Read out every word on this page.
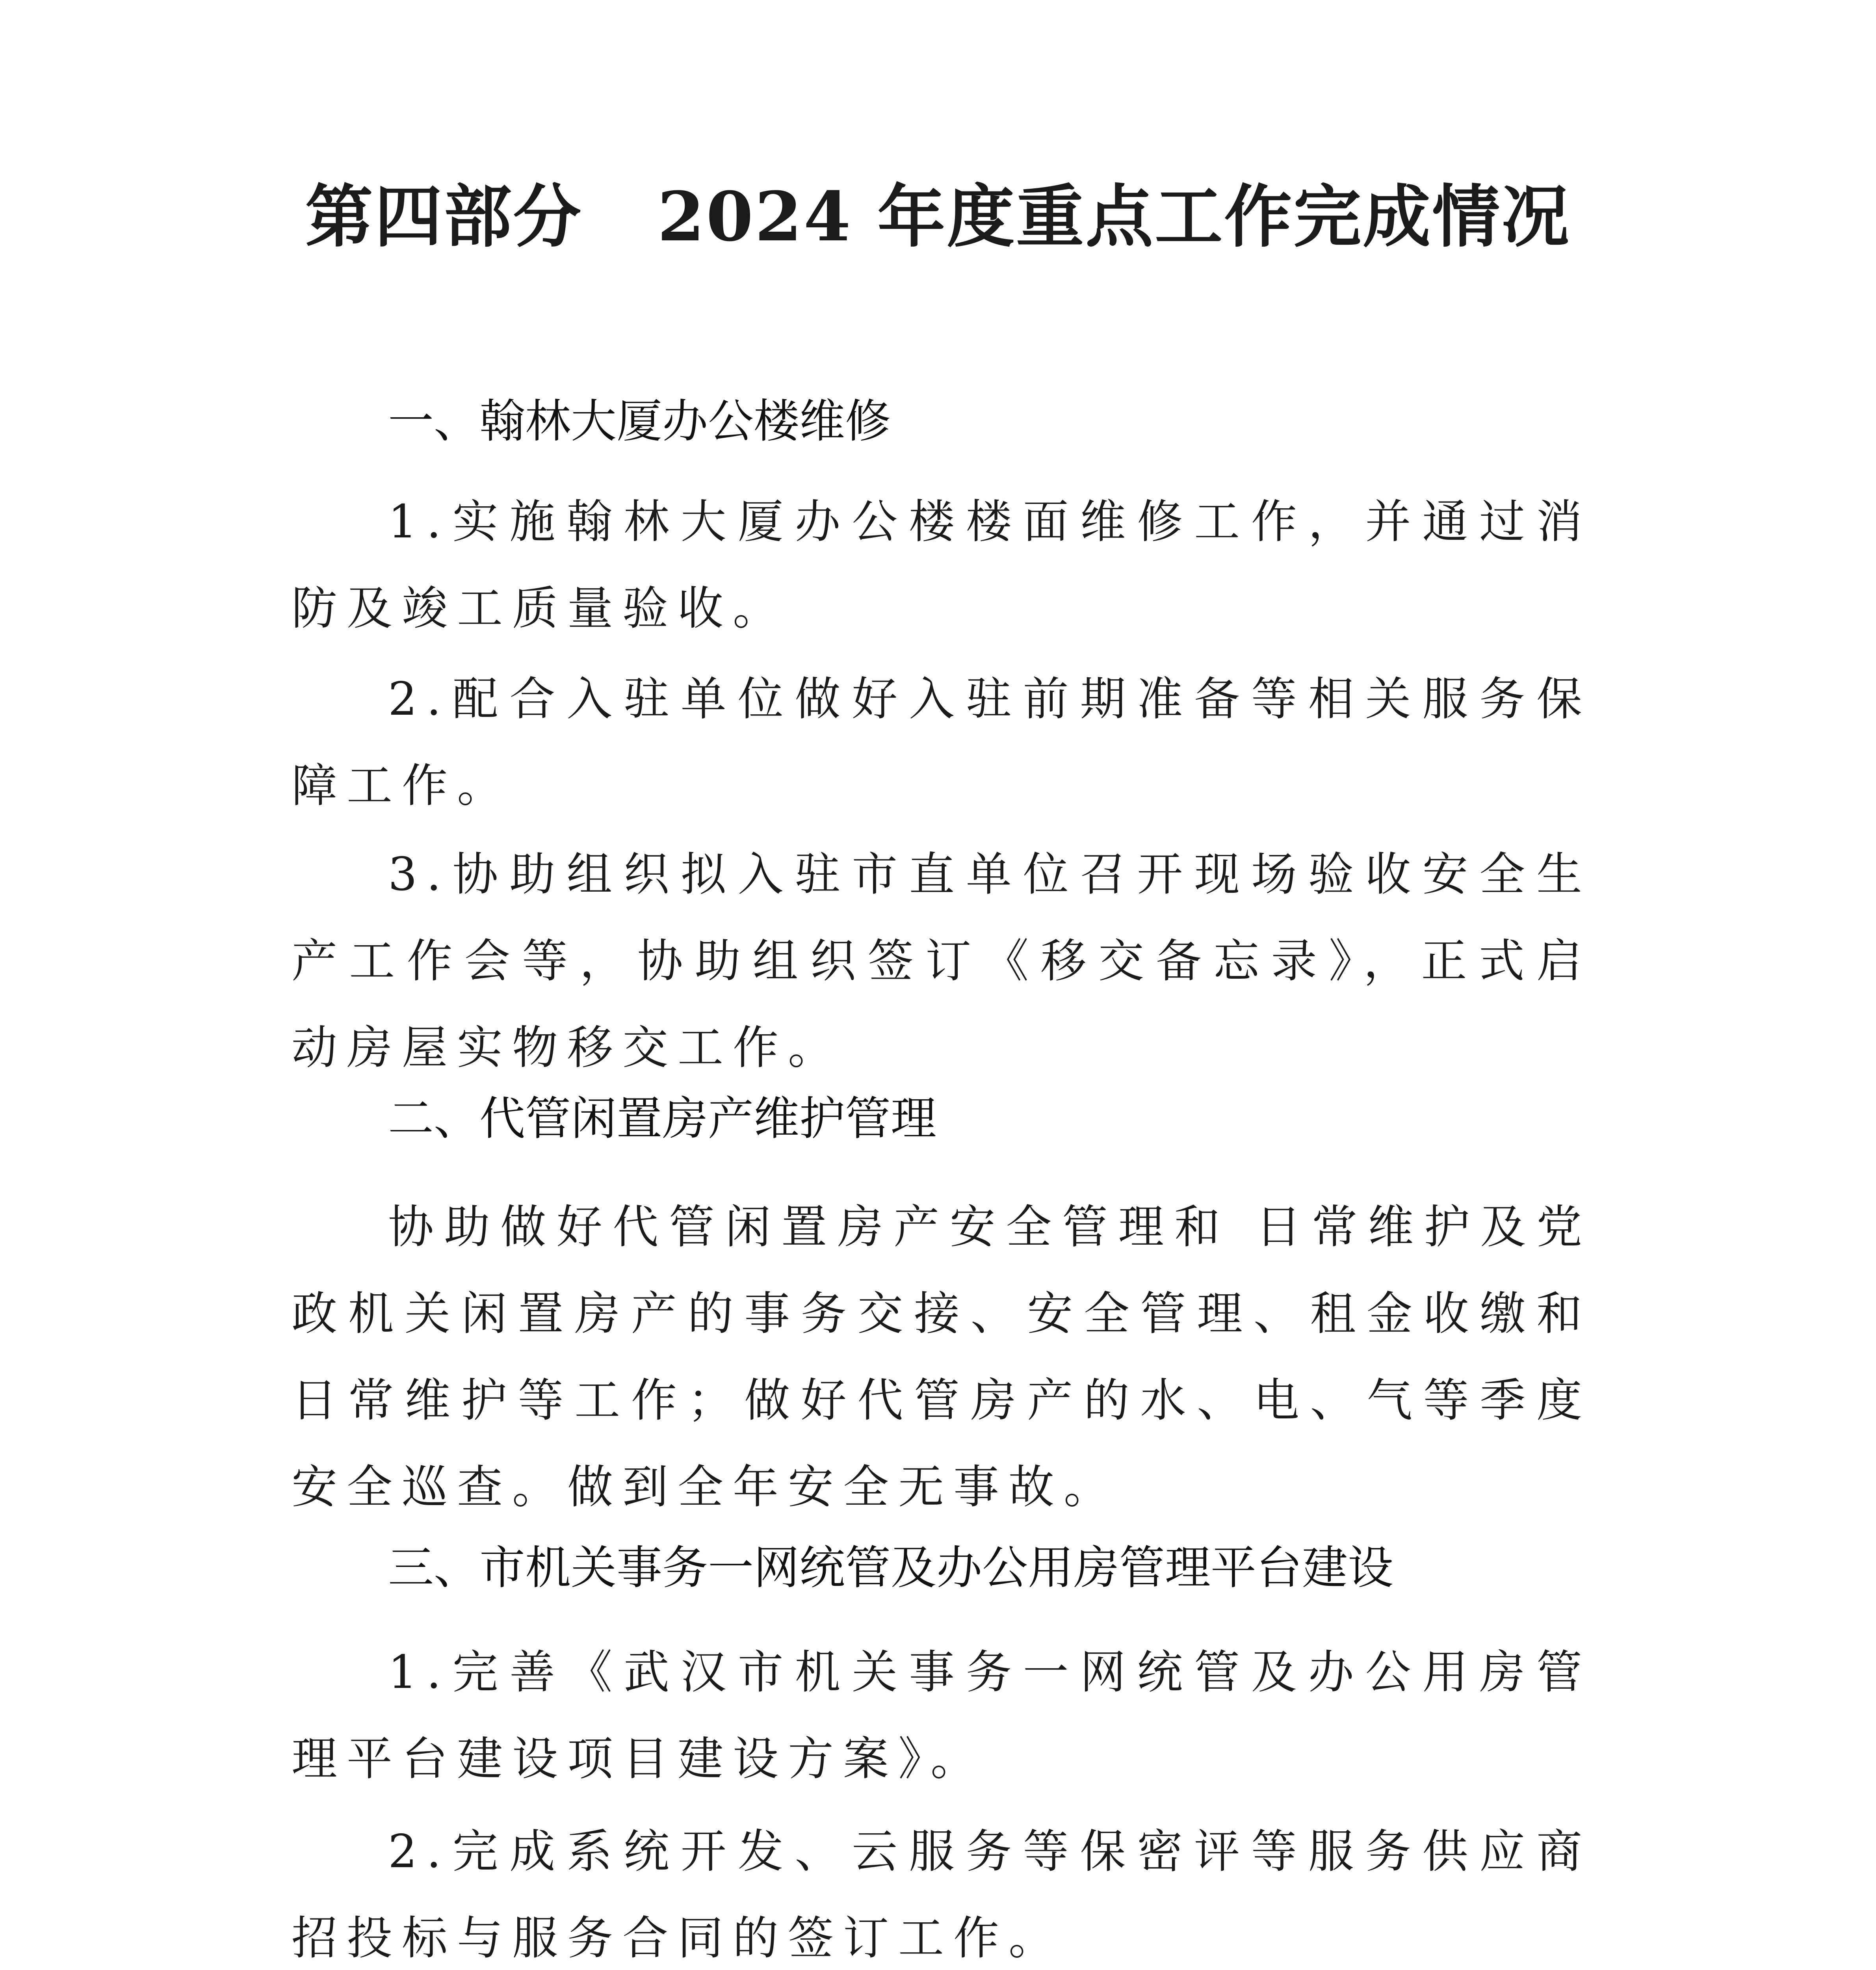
第四部分 2024 年度重点工作完成情况
一、翰林大厦办公楼维修

1.实施翰林大厦办公楼楼面维修工作，并通过消防及竣工质量验收。

2.配合入驻单位做好入驻前期准备等相关服务保障工作。

3.协助组织拟入驻市直单位召开现场验收安全生产工作会等，协助组织签订《移交备忘录》，正式启动房屋实物移交工作。

二、代管闲置房产维护管理

协助做好代管闲置房产安全管理和 日常维护及党政机关闲置房产的事务交接、安全管理、租金收缴和日常维护等工作；做好代管房产的水、电、气等季度安全巡查。做到全年安全无事故。

三、市机关事务一网统管及办公用房管理平台建设

1.完善《武汉市机关事务一网统管及办公用房管理平台建设项目建设方案》。

2.完成系统开发、云服务等保密评等服务供应商招投标与服务合同的签订工作。
